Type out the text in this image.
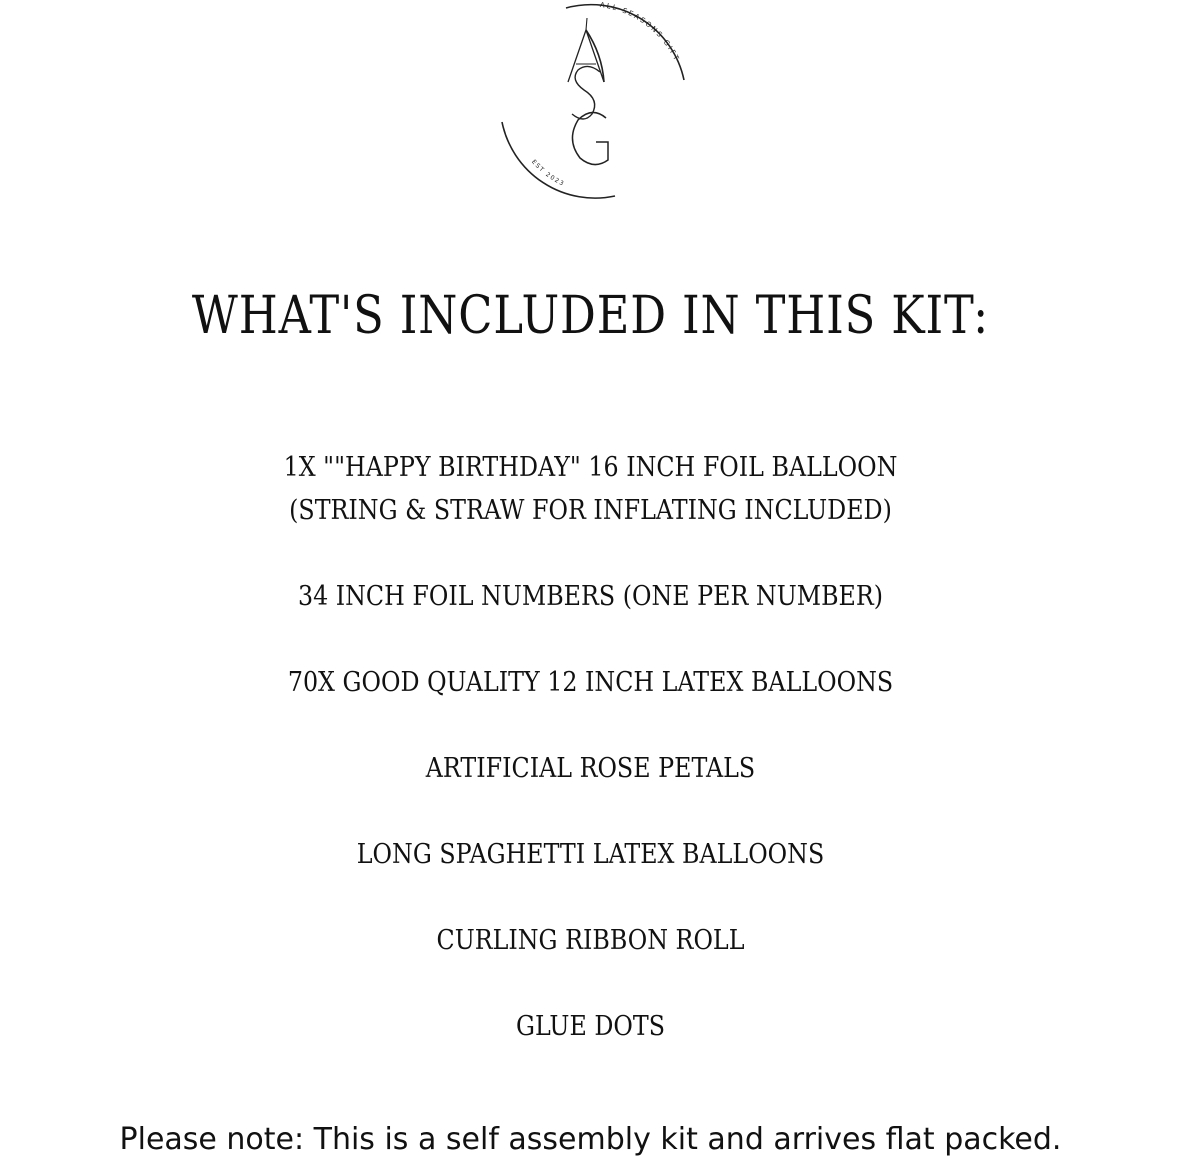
ALL SEASONS GIFT
EST 2023
WHAT'S INCLUDED IN THIS KIT:
1X ""HAPPY BIRTHDAY" 16 INCH FOIL BALLOON
(STRING & STRAW FOR INFLATING INCLUDED)
34 INCH FOIL NUMBERS (ONE PER NUMBER)
70X GOOD QUALITY 12 INCH LATEX BALLOONS
ARTIFICIAL ROSE PETALS
LONG SPAGHETTI LATEX BALLOONS
CURLING RIBBON ROLL
GLUE DOTS
Please note: This is a self assembly kit and arrives flat packed.
